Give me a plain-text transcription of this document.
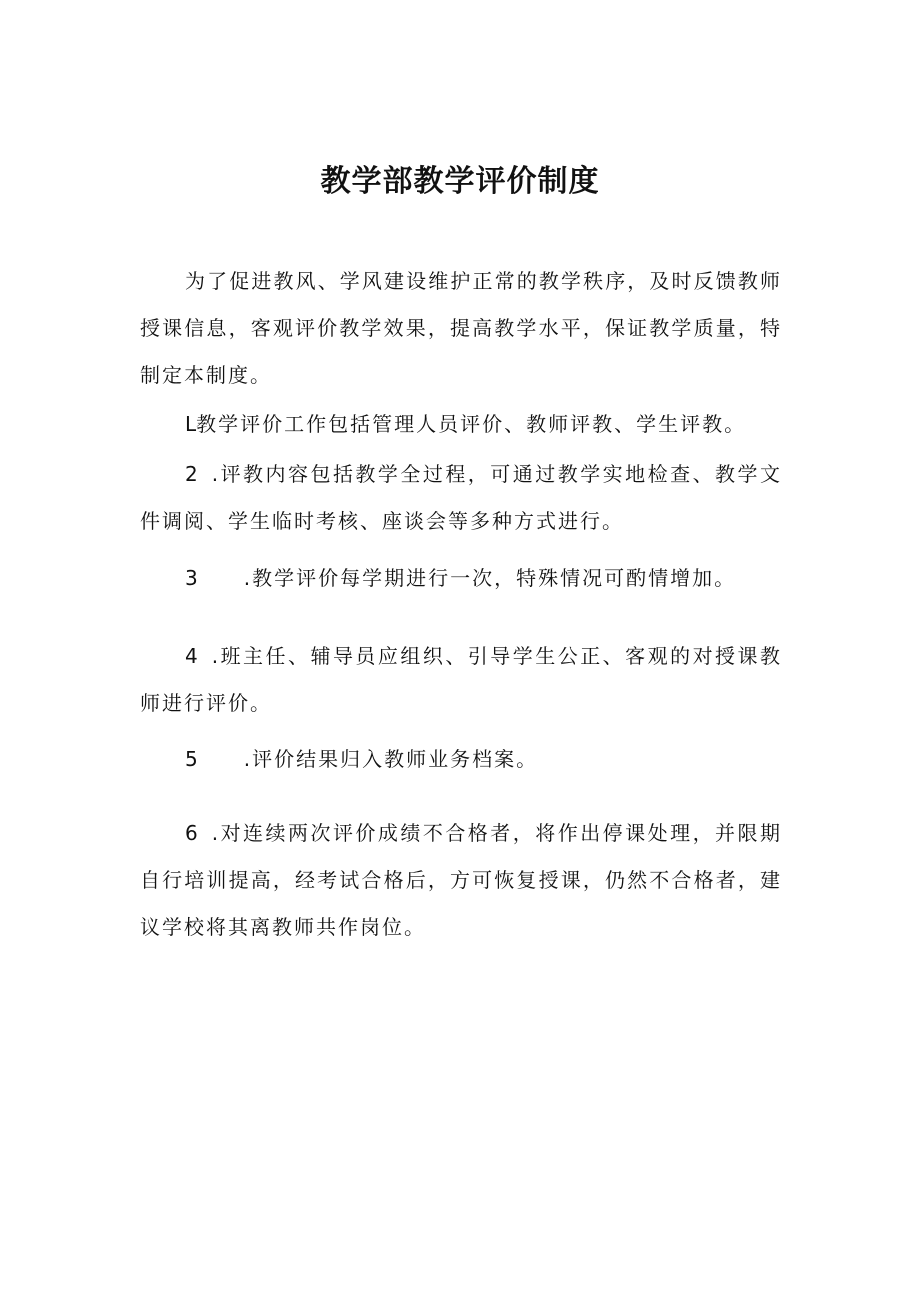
教学部教学评价制度
为了促进教风、学风建设维护正常的教学秩序，及时反馈教师授课信息，客观评价教学效果，提高教学水平，保证教学质量，特制定本制度。
L教学评价工作包括管理人员评价、教师评教、学生评教。
2 .评教内容包括教学全过程，可通过教学实地检查、教学文件调阅、学生临时考核、座谈会等多种方式进行。
3 .教学评价每学期进行一次，特殊情况可酌情增加。
4 .班主任、辅导员应组织、引导学生公正、客观的对授课教师进行评价。
5 .评价结果归入教师业务档案。
6 .对连续两次评价成绩不合格者，将作出停课处理，并限期自行培训提高，经考试合格后，方可恢复授课，仍然不合格者，建议学校将其离教师共作岗位。
